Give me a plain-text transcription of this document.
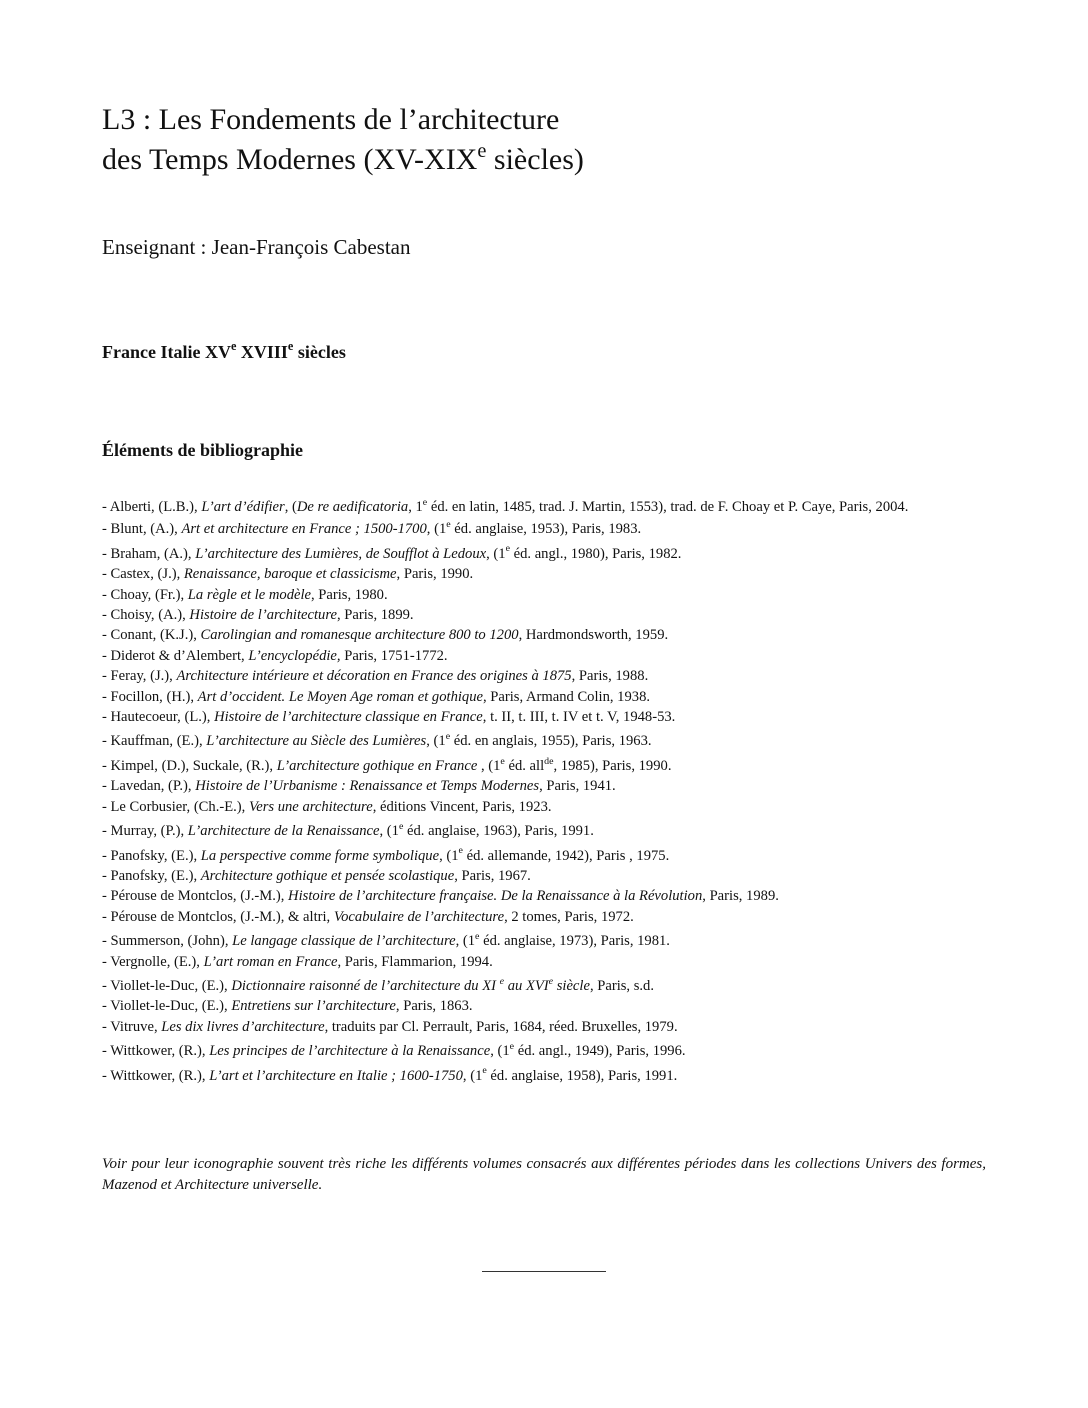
L3 : Les Fondements de l’architecture
des Temps Modernes (XV-XIXe siècles)

Enseignant : Jean-François Cabestan

France Italie XVe XVIIIe siècles
Éléments de bibliographie
- Alberti, (L.B.), L’art d’édifier, (De re aedificatoria, 1e éd. en latin, 1485, trad. J. Martin, 1553), trad. de F. Choay et P. Caye, Paris, 2004.
- Blunt, (A.), Art et architecture en France ; 1500-1700, (1e éd. anglaise, 1953), Paris, 1983.
- Braham, (A.), L’architecture des Lumières, de Soufflot à Ledoux, (1e éd. angl., 1980), Paris, 1982.
- Castex, (J.), Renaissance, baroque et classicisme, Paris, 1990.
- Choay, (Fr.), La règle et le modèle, Paris, 1980.
- Choisy, (A.), Histoire de l’architecture, Paris, 1899.
- Conant, (K.J.), Carolingian and romanesque architecture 800 to 1200, Hardmondsworth, 1959.
- Diderot & d’Alembert, L’encyclopédie, Paris, 1751-1772.
- Feray, (J.), Architecture intérieure et décoration en France des origines à 1875, Paris, 1988.
- Focillon, (H.), Art d’occident. Le Moyen Age roman et gothique, Paris, Armand Colin, 1938.
- Hautecoeur, (L.), Histoire de l’architecture classique en France, t. II, t. III, t. IV et t. V, 1948-53.
- Kauffman, (E.), L’architecture au Siècle des Lumières, (1e éd. en anglais, 1955), Paris, 1963.
- Kimpel, (D.), Suckale, (R.), L’architecture gothique en France , (1e éd. all$^{de}$, 1985), Paris, 1990.
- Lavedan, (P.), Histoire de l’Urbanisme : Renaissance et Temps Modernes, Paris, 1941.
- Le Corbusier, (Ch.-E.), Vers une architecture, éditions Vincent, Paris, 1923.
- Murray, (P.), L’architecture de la Renaissance, (1e éd. anglaise, 1963), Paris, 1991.
- Panofsky, (E.), La perspective comme forme symbolique, (1e éd. allemande, 1942), Paris , 1975.
- Panofsky, (E.), Architecture gothique et pensée scolastique, Paris, 1967.
- Pérouse de Montclos, (J.-M.), Histoire de l’architecture française. De la Renaissance à la Révolution, Paris, 1989.
- Pérouse de Montclos, (J.-M.), & altri, Vocabulaire de l’architecture, 2 tomes, Paris, 1972.
- Summerson, (John), Le langage classique de l’architecture, (1e éd. anglaise, 1973), Paris, 1981.
- Vergnolle, (E.), L’art roman en France, Paris, Flammarion, 1994.
- Viollet-le-Duc, (E.), Dictionnaire raisonné de l’architecture du XI $^e$ au XVIe siècle, Paris, s.d.
- Viollet-le-Duc, (E.), Entretiens sur l’architecture, Paris, 1863.
- Vitruve, Les dix livres d’architecture, traduits par Cl. Perrault, Paris, 1684, réed. Bruxelles, 1979.
- Wittkower, (R.), Les principes de l’architecture à la Renaissance, (1e éd. angl., 1949), Paris, 1996.
- Wittkower, (R.), L’art et l’architecture en Italie ; 1600-1750, (1e éd. anglaise, 1958), Paris, 1991.

Voir pour leur iconographie souvent très riche les différents volumes consacrés aux différentes périodes dans les collections Univers des formes, Mazenod et Architecture universelle.
